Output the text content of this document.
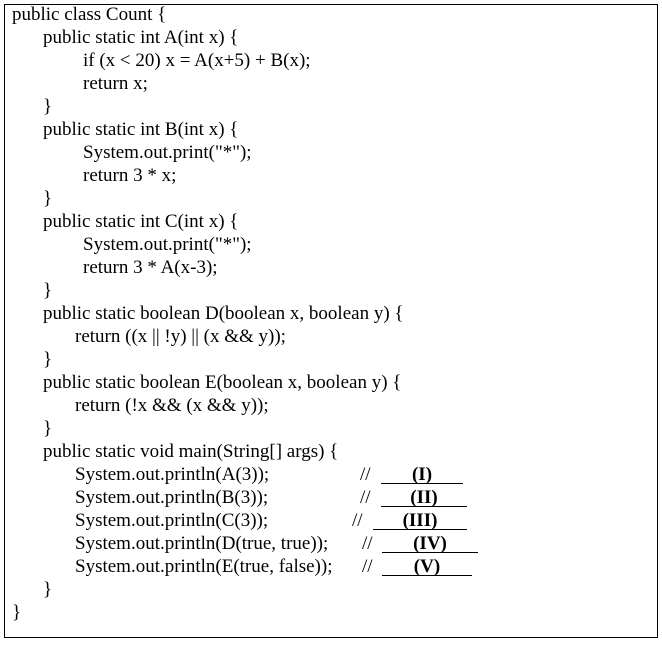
public class Count {
public static int A(int x) {
if (x < 20) x = A(x+5) + B(x);
return x;
}
public static int B(int x) {
System.out.print("*");
return 3 * x;
}
public static int C(int x) {
System.out.print("*");
return 3 * A(x-3);
}
public static boolean D(boolean x, boolean y) {
return ((x || !y) || (x && y));
}
public static boolean E(boolean x, boolean y) {
return (!x && (x && y));
}
public static void main(String[] args) {
System.out.println(A(3));
System.out.println(B(3));
System.out.println(C(3));
System.out.println(D(true, true));
System.out.println(E(true, false));
}
}
//
//
//
//
//
(I)
(II)
(III)
(IV)
(V)
